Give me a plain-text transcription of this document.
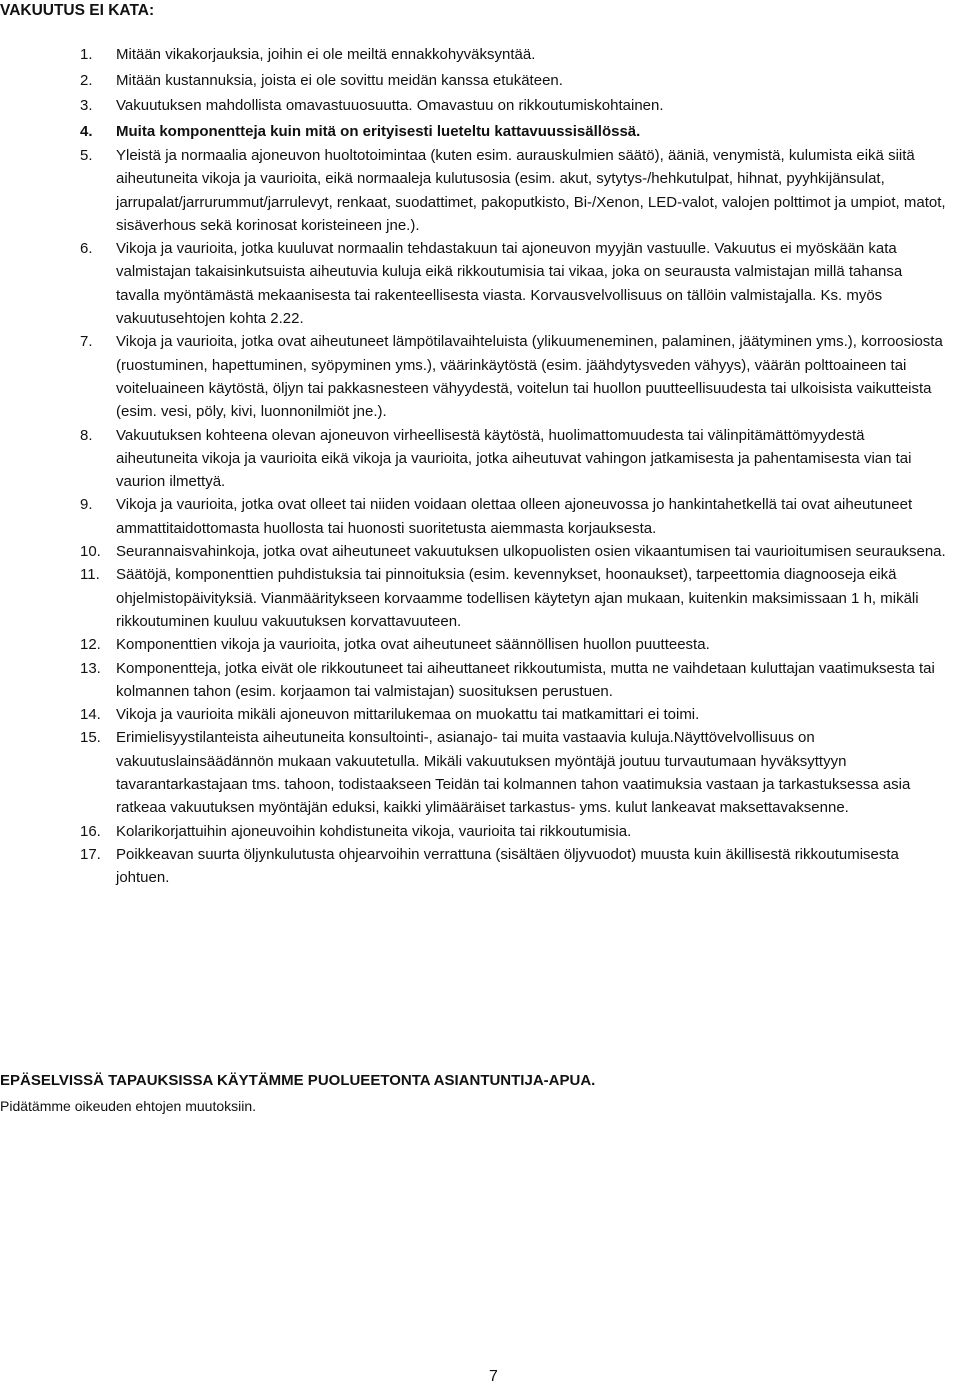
VAKUUTUS EI KATA:
1. Mitään vikakorjauksia, joihin ei ole meiltä ennakkohyväksyntää.
2. Mitään kustannuksia, joista ei ole sovittu meidän kanssa etukäteen.
3. Vakuutuksen mahdollista omavastuuosuutta. Omavastuu on rikkoutumiskohtainen.
4. Muita komponentteja kuin mitä on erityisesti lueteltu kattavuussisällössä.
5. Yleistä ja normaalia ajoneuvon huoltotoimintaa (kuten esim. aurauskulmien säätö), ääniä, venymistä, kulumista eikä siitä aiheutuneita vikoja ja vaurioita, eikä normaaleja kulutusosia (esim. akut, sytytys-/hehkutulpat, hihnat, pyyhkijänsulat, jarrupalat/jarrurummut/jarrulevyt, renkaat, suodattimet, pakoputkisto, Bi-/Xenon, LED-valot, valojen polttimot ja umpiot, matot, sisäverhous sekä korinosat koristeineen jne.).
6. Vikoja ja vaurioita, jotka kuuluvat normaalin tehdastakuun tai ajoneuvon myyjän vastuulle. Vakuutus ei myöskään kata valmistajan takaisinkutsuista aiheutuvia kuluja eikä rikkoutumisia tai vikaa, joka on seurausta valmistajan millä tahansa tavalla myöntämästä mekaanisesta tai rakenteellisesta viasta. Korvausvelvollisuus on tällöin valmistajalla. Ks. myös vakuutusehtojen kohta 2.22.
7. Vikoja ja vaurioita, jotka ovat aiheutuneet lämpötilavaihteluista (ylikuumeneminen, palaminen, jäätyminen yms.), korroosiosta (ruostuminen, hapettuminen, syöpyminen yms.), väärinkäytöstä (esim. jäähdytysveden vähyys), väärän polttoaineen tai voiteluaineen käytöstä, öljyn tai pakkasnesteen vähyydestä, voitelun tai huollon puutteellisuudesta tai ulkoisista vaikutteista (esim. vesi, pöly, kivi, luonnonilmiöt jne.).
8. Vakuutuksen kohteena olevan ajoneuvon virheellisestä käytöstä, huolimattomuudesta tai välinpitämättömyydestä aiheutuneita vikoja ja vaurioita eikä vikoja ja vaurioita, jotka aiheutuvat vahingon jatkamisesta ja pahentamisesta vian tai vaurion ilmettyä.
9. Vikoja ja vaurioita, jotka ovat olleet tai niiden voidaan olettaa olleen ajoneuvossa jo hankintahetkellä tai ovat aiheutuneet ammattitaidottomasta huollosta tai huonosti suoritetusta aiemmasta korjauksesta.
10. Seurannaisvahinkoja, jotka ovat aiheutuneet vakuutuksen ulkopuolisten osien vikaantumisen tai vaurioitumisen seurauksena.
11. Säätöjä, komponenttien puhdistuksia tai pinnoituksia (esim. kevennykset, hoonaukset), tarpeettomia diagnooseja eikä ohjelmistopäivityksiä. Vianmääritykseen korvaamme todellisen käytetyn ajan mukaan, kuitenkin maksimissaan 1 h, mikäli rikkoutuminen kuuluu vakuutuksen korvattavuuteen.
12. Komponenttien vikoja ja vaurioita, jotka ovat aiheutuneet säännöllisen huollon puutteesta.
13. Komponentteja, jotka eivät ole rikkoutuneet tai aiheuttaneet rikkoutumista, mutta ne vaihdetaan kuluttajan vaatimuksesta tai kolmannen tahon (esim. korjaamon tai valmistajan) suosituksen perustuen.
14. Vikoja ja vaurioita mikäli ajoneuvon mittarilukemaa on muokattu tai matkamittari ei toimi.
15. Erimielisyystilanteista aiheutuneita konsultointi-, asianajo- tai muita vastaavia kuluja.Näyttövelvollisuus on vakuutuslainsäädännön mukaan vakuutetulla. Mikäli vakuutuksen myöntäjä joutuu turvautumaan hyväksyttyyn tavarantarkastajaan tms. tahoon, todistaakseen Teidän tai kolmannen tahon vaatimuksia vastaan ja tarkastuksessa asia ratkeaa vakuutuksen myöntäjän eduksi, kaikki ylimääräiset tarkastus- yms. kulut lankeavat maksettavaksenne.
16. Kolarikorjattuihin ajoneuvoihin kohdistuneita vikoja, vaurioita tai rikkoutumisia.
17. Poikkeavan suurta öljynkulutusta ohjearvoihin verrattuna (sisältäen öljyvuodot) muusta kuin äkillisestä rikkoutumisesta johtuen.
EPÄSELVISSÄ TAPAUKSISSA KÄYTÄMME PUOLUEETONTA ASIANTUNTIJA-APUA.
Pidätämme oikeuden ehtojen muutoksiin.
7
